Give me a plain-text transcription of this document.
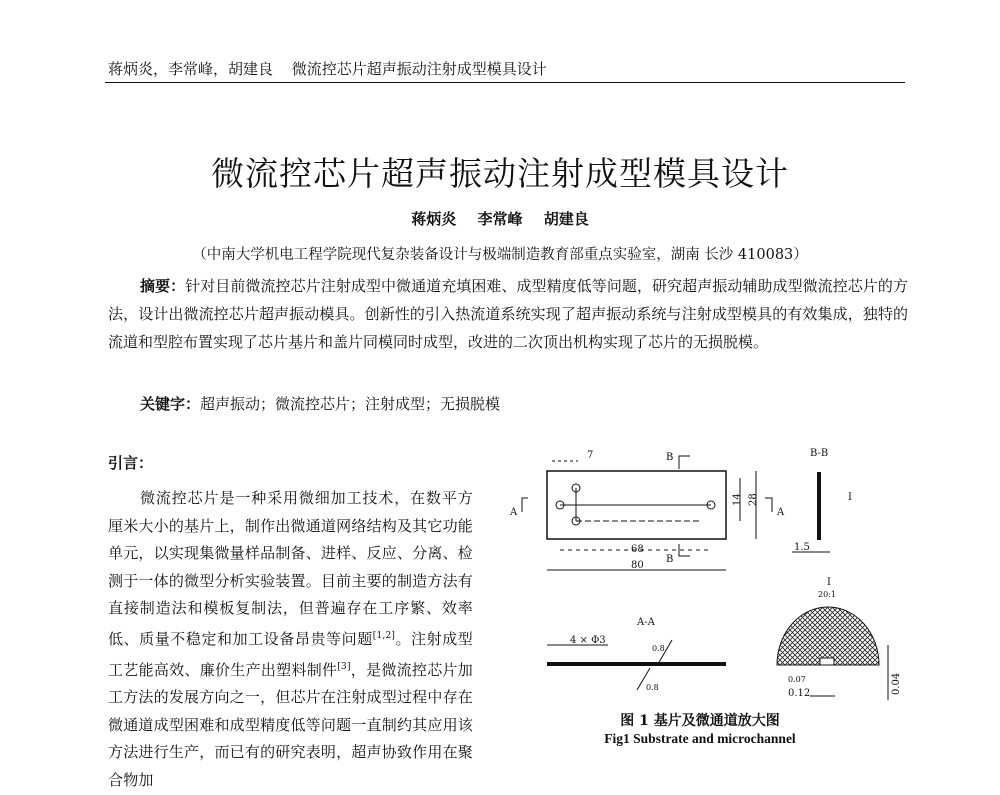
蒋炳炎，李常峰，胡建良 微流控芯片超声振动注射成型模具设计
微流控芯片超声振动注射成型模具设计
蒋炳炎 李常峰 胡建良
（中南大学机电工程学院现代复杂装备设计与极端制造教育部重点实验室，湖南 长沙 410083）
摘要：针对目前微流控芯片注射成型中微通道充填困难、成型精度低等问题，研究超声振动辅助成型微流控芯片的方法，设计出微流控芯片超声振动模具。创新性的引入热流道系统实现了超声振动系统与注射成型模具的有效集成，独特的流道和型腔布置实现了芯片基片和盖片同模同时成型，改进的二次顶出机构实现了芯片的无损脱模。
关键字：超声振动；微流控芯片；注射成型；无损脱模
引言：
微流控芯片是一种采用微细加工技术，在数平方厘米大小的基片上，制作出微通道网络结构及其它功能单元，以实现集微量样品制备、进样、反应、分离、检测于一体的微型分析实验装置。目前主要的制造方法有直接制造法和模板复制法，但普遍存在工序繁、效率低、质量不稳定和加工设备昂贵等问题[1,2]。注射成型工艺能高效、廉价生产出塑料制件[3]，是微流控芯片加工方法的发展方向之一，但芯片在注射成型过程中存在微通道成型困难和成型精度低等问题一直制约其应用该方法进行生产，而已有的研究表明，超声协致作用在聚合物加
7	B
B
B-B
A	A
14 28
68
80
1.5
I
I
20:1
A-A
4 × Φ3
0.8
0.8
0.07
0.12	0.04
图 1 基片及微通道放大图
Fig1 Substrate and microchannel
